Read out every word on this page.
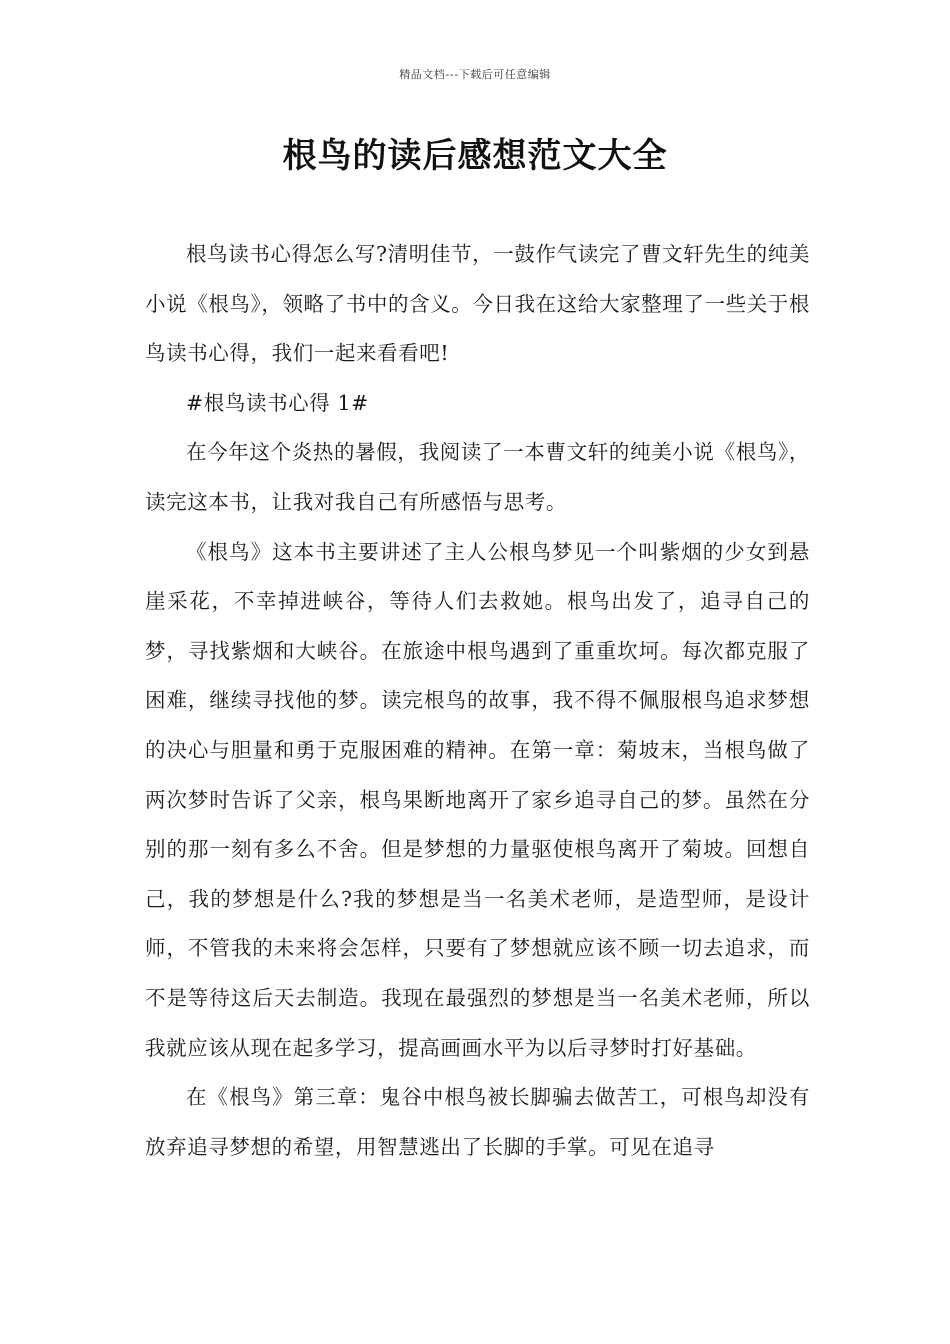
精品文档---下载后可任意编辑
根鸟的读后感想范文大全

根鸟读书心得怎么写?清明佳节，一鼓作气读完了曹文轩先生的纯美小说《根鸟》，领略了书中的含义。今日我在这给大家整理了一些关于根鸟读书心得，我们一起来看看吧!

#根鸟读书心得 1#

在今年这个炎热的暑假，我阅读了一本曹文轩的纯美小说《根鸟》，读完这本书，让我对我自己有所感悟与思考。

《根鸟》这本书主要讲述了主人公根鸟梦见一个叫紫烟的少女到悬崖采花，不幸掉进峡谷，等待人们去救她。根鸟出发了，追寻自己的梦，寻找紫烟和大峡谷。在旅途中根鸟遇到了重重坎坷。每次都克服了困难，继续寻找他的梦。读完根鸟的故事，我不得不佩服根鸟追求梦想的决心与胆量和勇于克服困难的精神。在第一章：菊坡末，当根鸟做了两次梦时告诉了父亲，根鸟果断地离开了家乡追寻自己的梦。虽然在分别的那一刻有多么不舍。但是梦想的力量驱使根鸟离开了菊坡。回想自己，我的梦想是什么?我的梦想是当一名美术老师，是造型师，是设计师，不管我的未来将会怎样，只要有了梦想就应该不顾一切去追求，而不是等待这后天去制造。我现在最强烈的梦想是当一名美术老师，所以我就应该从现在起多学习，提高画画水平为以后寻梦时打好基础。

在《根鸟》第三章：鬼谷中根鸟被长脚骗去做苦工，可根鸟却没有放弃追寻梦想的希望，用智慧逃出了长脚的手掌。可见在追寻
